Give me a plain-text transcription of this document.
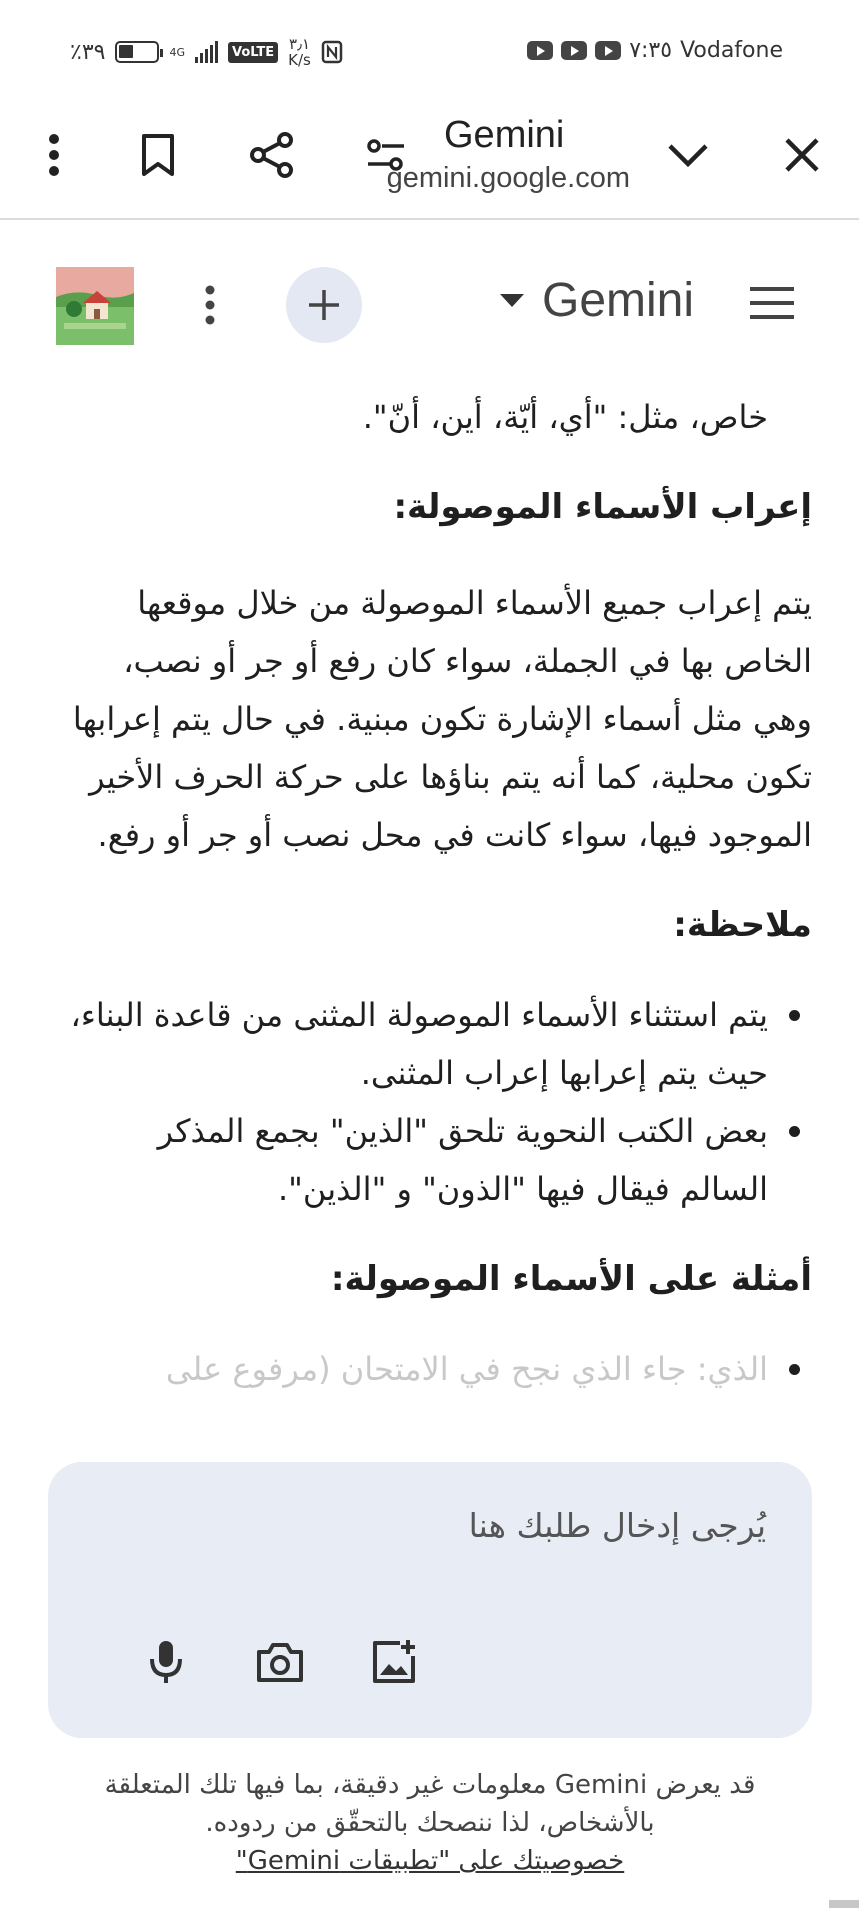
٪٣٩	4G	VoLTE ٣٫١
K/s	٧:٣٥ Vodafone
Gemini
gemini.google.com
Gemini

خاص، مثل: "أي، أيّة، أين، أنّ".

إعراب الأسماء الموصولة:

يتم إعراب جميع الأسماء الموصولة من خلال موقعها الخاص بها في الجملة، سواء كان رفع أو جر أو نصب، وهي مثل أسماء الإشارة تكون مبنية. في حال يتم إعرابها تكون محلية، كما أنه يتم بناؤها على حركة الحرف الأخير الموجود فيها، سواء كانت في محل نصب أو جر أو رفع.

ملاحظة:

يتم استثناء الأسماء الموصولة المثنى من قاعدة البناء، حيث يتم إعرابها إعراب المثنى.
بعض الكتب النحوية تلحق "الذين" بجمع المذكر السالم فيقال فيها "الذون" و "الذين".

أمثلة على الأسماء الموصولة:

الذي: جاء الذي نجح في الامتحان (مرفوع على
يُرجى إدخال طلبك هنا
قد يعرض Gemini معلومات غير دقيقة، بما فيها تلك المتعلقة بالأشخاص، لذا ننصحك بالتحقّق من ردوده.
خصوصيتك على "تطبيقات Gemini"
